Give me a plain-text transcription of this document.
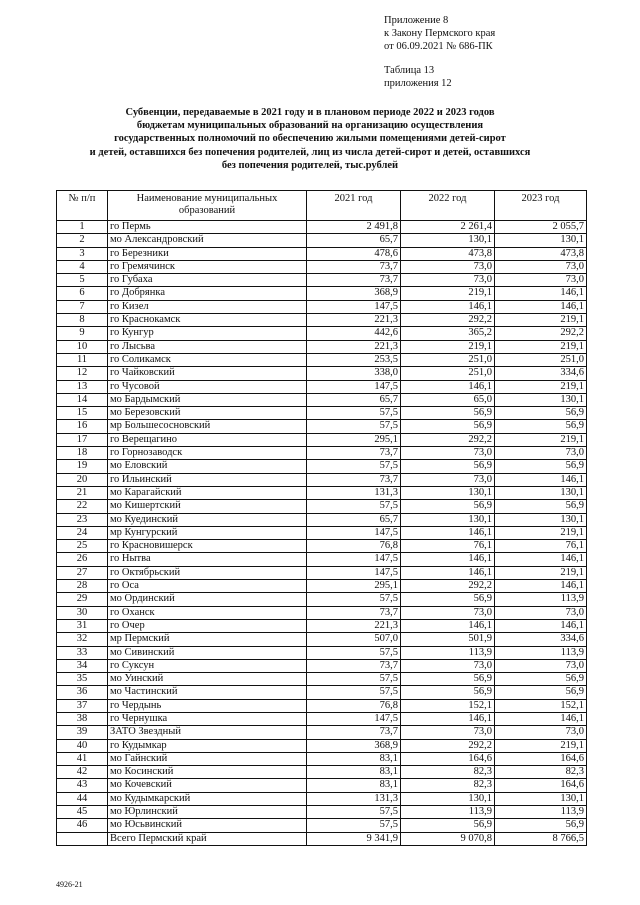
Приложение 8
к Закону Пермского края
от 06.09.2021 № 686-ПК
Таблица 13
приложения 12
Субвенции, передаваемые в 2021 году и в плановом периоде 2022 и 2023 годов
бюджетам муниципальных образований на организацию осуществления
государственных полномочий по обеспечению жилыми помещениями детей-сирот
и детей, оставшихся без попечения родителей, лиц из числа детей-сирот и детей, оставшихся
без попечения родителей, тыс.рублей
№ п/п	Наименование муниципальных образований	2021 год	2022 год	2023 год
1	го Пермь	2 491,8	2 261,4	2 055,7
2	мо Александровский	65,7	130,1	130,1
3	го Березники	478,6	473,8	473,8
4	го Гремячинск	73,7	73,0	73,0
5	го Губаха	73,7	73,0	73,0
6	го Добрянка	368,9	219,1	146,1
7	го Кизел	147,5	146,1	146,1
8	го Краснокамск	221,3	292,2	219,1
9	го Кунгур	442,6	365,2	292,2
10	го Лысьва	221,3	219,1	219,1
11	го Соликамск	253,5	251,0	251,0
12	го Чайковский	338,0	251,0	334,6
13	го Чусовой	147,5	146,1	219,1
14	мо Бардымский	65,7	65,0	130,1
15	мо Березовский	57,5	56,9	56,9
16	мр Большесосновский	57,5	56,9	56,9
17	го Верещагино	295,1	292,2	219,1
18	го Горнозаводск	73,7	73,0	73,0
19	мо Еловский	57,5	56,9	56,9
20	го Ильинский	73,7	73,0	146,1
21	мо Карагайский	131,3	130,1	130,1
22	мо Кишертский	57,5	56,9	56,9
23	мо Куединский	65,7	130,1	130,1
24	мр Кунгурский	147,5	146,1	219,1
25	го Красновишерск	76,8	76,1	76,1
26	го Нытва	147,5	146,1	146,1
27	го Октябрьский	147,5	146,1	219,1
28	го Оса	295,1	292,2	146,1
29	мо Ординский	57,5	56,9	113,9
30	го Оханск	73,7	73,0	73,0
31	го Очер	221,3	146,1	146,1
32	мр Пермский	507,0	501,9	334,6
33	мо Сивинский	57,5	113,9	113,9
34	го Суксун	73,7	73,0	73,0
35	мо Уинский	57,5	56,9	56,9
36	мо Частинский	57,5	56,9	56,9
37	го Чердынь	76,8	152,1	152,1
38	го Чернушка	147,5	146,1	146,1
39	ЗАТО Звездный	73,7	73,0	73,0
40	го Кудымкар	368,9	292,2	219,1
41	мо Гайнский	83,1	164,6	164,6
42	мо Косинский	83,1	82,3	82,3
43	мо Кочевский	83,1	82,3	164,6
44	мо Кудымкарский	131,3	130,1	130,1
45	мо Юрлинский	57,5	113,9	113,9
46	мо Юсьвинский	57,5	56,9	56,9
	Всего Пермский край	9 341,9	9 070,8	8 766,5
4926-21
